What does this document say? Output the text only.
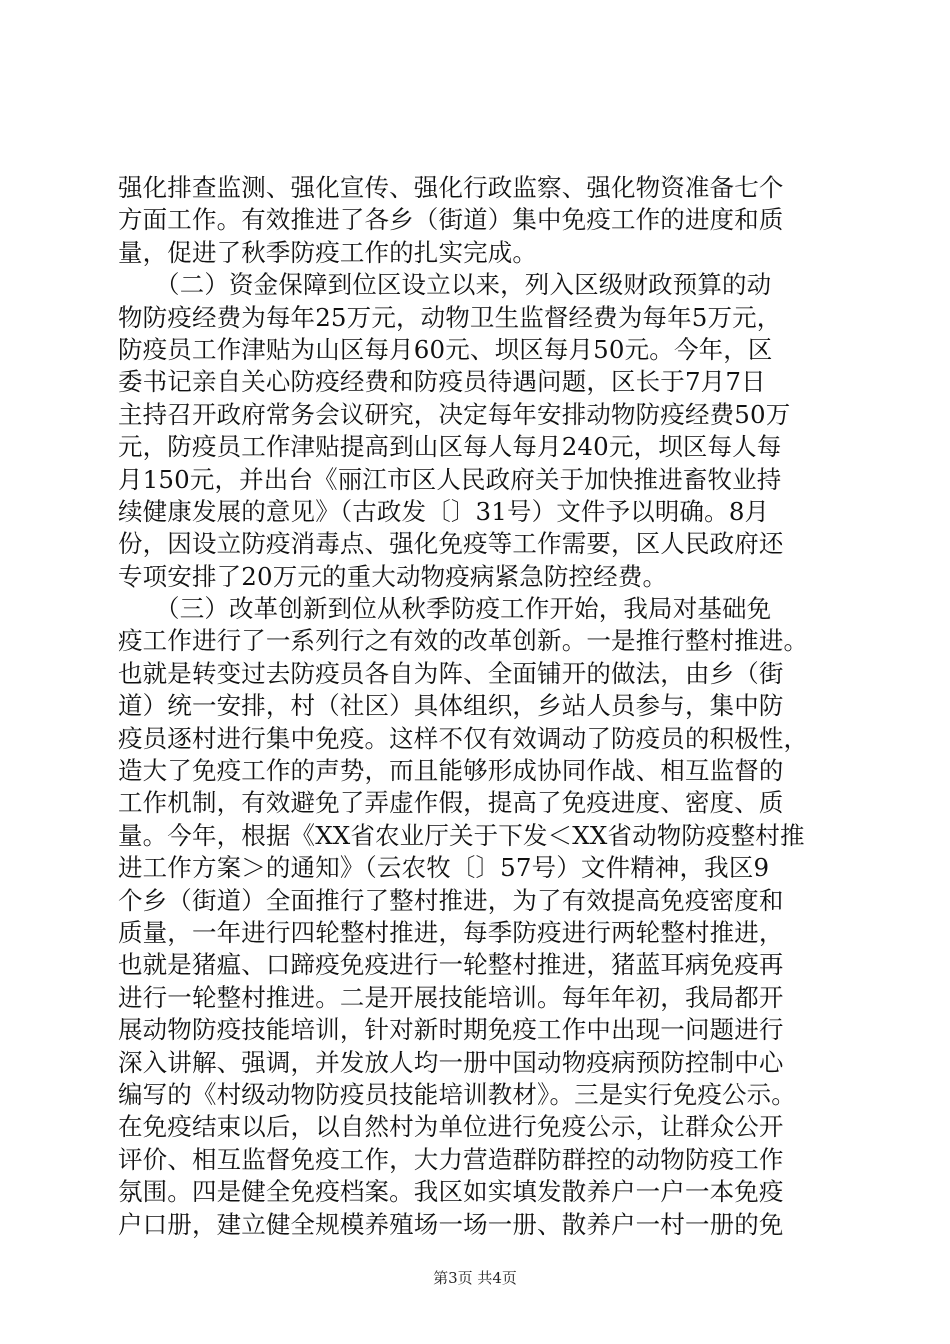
强化排查监测、强化宣传、强化行政监察、强化物资准备七个
方面工作。有效推进了各乡（街道）集中免疫工作的进度和质
量，促进了秋季防疫工作的扎实完成。
　　（二）资金保障到位区设立以来，列入区级财政预算的动
物防疫经费为每年25万元，动物卫生监督经费为每年5万元，
防疫员工作津贴为山区每月60元、坝区每月50元。今年，区
委书记亲自关心防疫经费和防疫员待遇问题，区长于7月7日
主持召开政府常务会议研究，决定每年安排动物防疫经费50万
元，防疫员工作津贴提高到山区每人每月240元，坝区每人每
月150元，并出台《丽江市区人民政府关于加快推进畜牧业持
续健康发展的意见》（古政发〔〕31号）文件予以明确。8月
份，因设立防疫消毒点、强化免疫等工作需要，区人民政府还
专项安排了20万元的重大动物疫病紧急防控经费。
　　（三）改革创新到位从秋季防疫工作开始，我局对基础免
疫工作进行了一系列行之有效的改革创新。一是推行整村推进。
也就是转变过去防疫员各自为阵、全面铺开的做法，由乡（街
道）统一安排，村（社区）具体组织，乡站人员参与，集中防
疫员逐村进行集中免疫。这样不仅有效调动了防疫员的积极性，
造大了免疫工作的声势，而且能够形成协同作战、相互监督的
工作机制，有效避免了弄虚作假，提高了免疫进度、密度、质
量。今年，根据《XX省农业厅关于下发＜XX省动物防疫整村推
进工作方案＞的通知》（云农牧〔〕57号）文件精神，我区9
个乡（街道）全面推行了整村推进，为了有效提高免疫密度和
质量，一年进行四轮整村推进，每季防疫进行两轮整村推进，
也就是猪瘟、口蹄疫免疫进行一轮整村推进，猪蓝耳病免疫再
进行一轮整村推进。二是开展技能培训。每年年初，我局都开
展动物防疫技能培训，针对新时期免疫工作中出现一问题进行
深入讲解、强调，并发放人均一册中国动物疫病预防控制中心
编写的《村级动物防疫员技能培训教材》。三是实行免疫公示。
在免疫结束以后，以自然村为单位进行免疫公示，让群众公开
评价、相互监督免疫工作，大力营造群防群控的动物防疫工作
氛围。四是健全免疫档案。我区如实填发散养户一户一本免疫
户口册，建立健全规模养殖场一场一册、散养户一村一册的免
第3页 共4页
